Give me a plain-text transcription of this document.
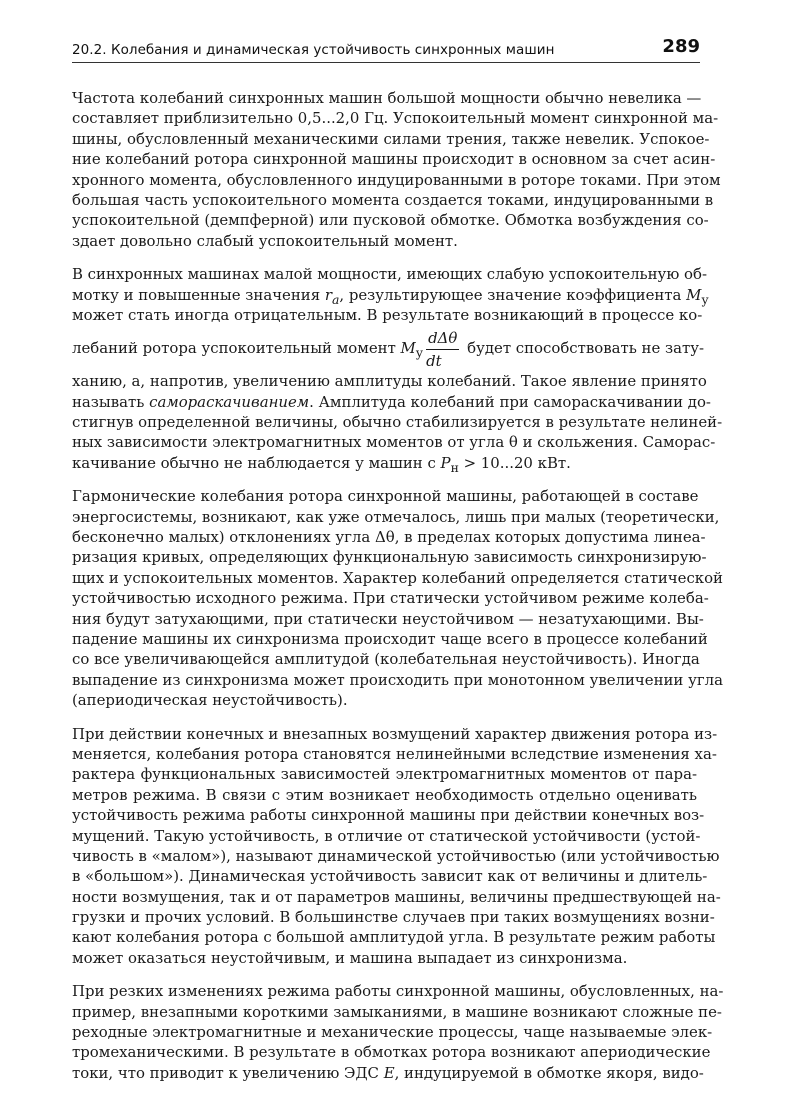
20.2. Колебания и динамическая устойчивость синхронных машин	289
Частота колебаний синхронных машин большой мощности обычно невелика —
составляет приблизительно 0,5...2,0 Гц. Успокоительный момент синхронной ма-
шины, обусловленный механическими силами трения, также невелик. Успокое-
ние колебаний ротора синхронной машины происходит в основном за счет асин-
хронного момента, обусловленного индуцированными в роторе токами. При этом
большая часть успокоительного момента создается токами, индуцированными в
успокоительной (демпферной) или пусковой обмотке. Обмотка возбуждения со-
здает довольно слабый успокоительный момент.
В синхронных машинах малой мощности, имеющих слабую успокоительную об-
мотку и повышенные значения $r_a$, результирующее значение коэффициента $M_у$
может стать иногда отрицательным. В результате возникающий в процессе ко-
лебаний ротора успокоительный момент $M_у \frac{\text{dΔθ}}{dt}$ будет способствовать не зату-
ханию, а, напротив, увеличению амплитуды колебаний. Такое явление принято
называть самораскачиванием. Амплитуда колебаний при самораскачивании до-
стигнув определенной величины, обычно стабилизируется в результате нелиней-
ных зависимости электромагнитных моментов от угла θ и скольжения. Саморас-
качивание обычно не наблюдается у машин с $P_н > 10...20$ кВт.
Гармонические колебания ротора синхронной машины, работающей в составе
энергосистемы, возникают, как уже отмечалось, лишь при малых (теоретически,
бесконечно малых) отклонениях угла Δθ, в пределах которых допустима линеа-
ризация кривых, определяющих функциональную зависимость синхронизирую-
щих и успокоительных моментов. Характер колебаний определяется статической
устойчивостью исходного режима. При статически устойчивом режиме колеба-
ния будут затухающими, при статически неустойчивом — незатухающими. Вы-
падение машины их синхронизма происходит чаще всего в процессе колебаний
со все увеличивающейся амплитудой (колебательная неустойчивость). Иногда
выпадение из синхронизма может происходить при монотонном увеличении угла
(апериодическая неустойчивость).
При действии конечных и внезапных возмущений характер движения ротора из-
меняется, колебания ротора становятся нелинейными вследствие изменения ха-
рактера функциональных зависимостей электромагнитных моментов от пара-
метров режима. В связи с этим возникает необходимость отдельно оценивать
устойчивость режима работы синхронной машины при действии конечных воз-
мущений. Такую устойчивость, в отличие от статической устойчивости (устой-
чивость в «малом»), называют динамической устойчивостью (или устойчивостью
в «большом»). Динамическая устойчивость зависит как от величины и длитель-
ности возмущения, так и от параметров машины, величины предшествующей на-
грузки и прочих условий. В большинстве случаев при таких возмущениях возни-
кают колебания ротора с большой амплитудой угла. В результате режим работы
может оказаться неустойчивым, и машина выпадает из синхронизма.
При резких изменениях режима работы синхронной машины, обусловленных, на-
пример, внезапными короткими замыканиями, в машине возникают сложные пе-
реходные электромагнитные и механические процессы, чаще называемые элек-
тромеханическими. В результате в обмотках ротора возникают апериодические
токи, что приводит к увеличению ЭДС E, индуцируемой в обмотке якоря, видо-
